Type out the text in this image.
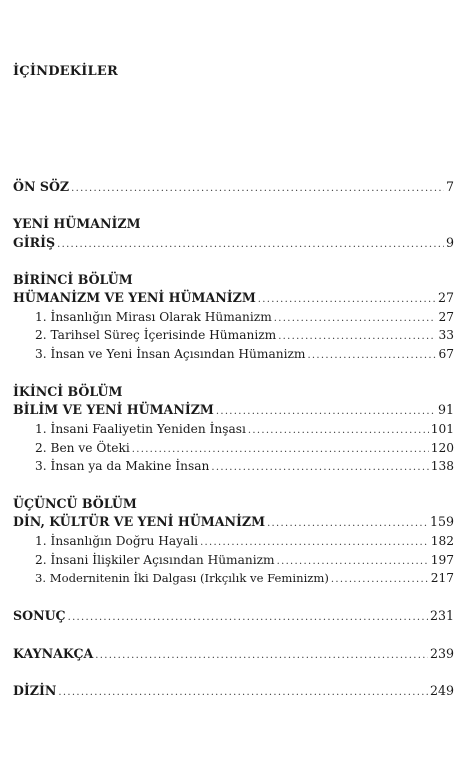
İÇİNDEKİLER
ÖN SÖZ .....	7
YENİ HÜMANİZM
GİRİŞ .....	9
BİRİNCİ BÖLÜM
HÜMANİZM VE YENİ HÜMANİZM .....	27
1. İnsanlığın Mirası Olarak Hümanizm .....	27
2. Tarihsel Süreç İçerisinde Hümanizm .....	33
3. İnsan ve Yeni İnsan Açısından Hümanizm .....	67
İKİNCİ BÖLÜM
BİLİM VE YENİ HÜMANİZM .....	91
1. İnsani Faaliyetin Yeniden İnşası .....	101
2. Ben ve Öteki .....	120
3. İnsan ya da Makine İnsan .....	138
ÜÇÜNCÜ BÖLÜM
DİN, KÜLTÜR VE YENİ HÜMANİZM .....	159
1. İnsanlığın Doğru Hayali .....	182
2. İnsani İlişkiler Açısından Hümanizm .....	197
3. Modernitenin İki Dalgası (Irkçılık ve Feminizm) .....	217
SONUÇ .....	231
KAYNAKÇA .....	239
DİZİN .....	249
